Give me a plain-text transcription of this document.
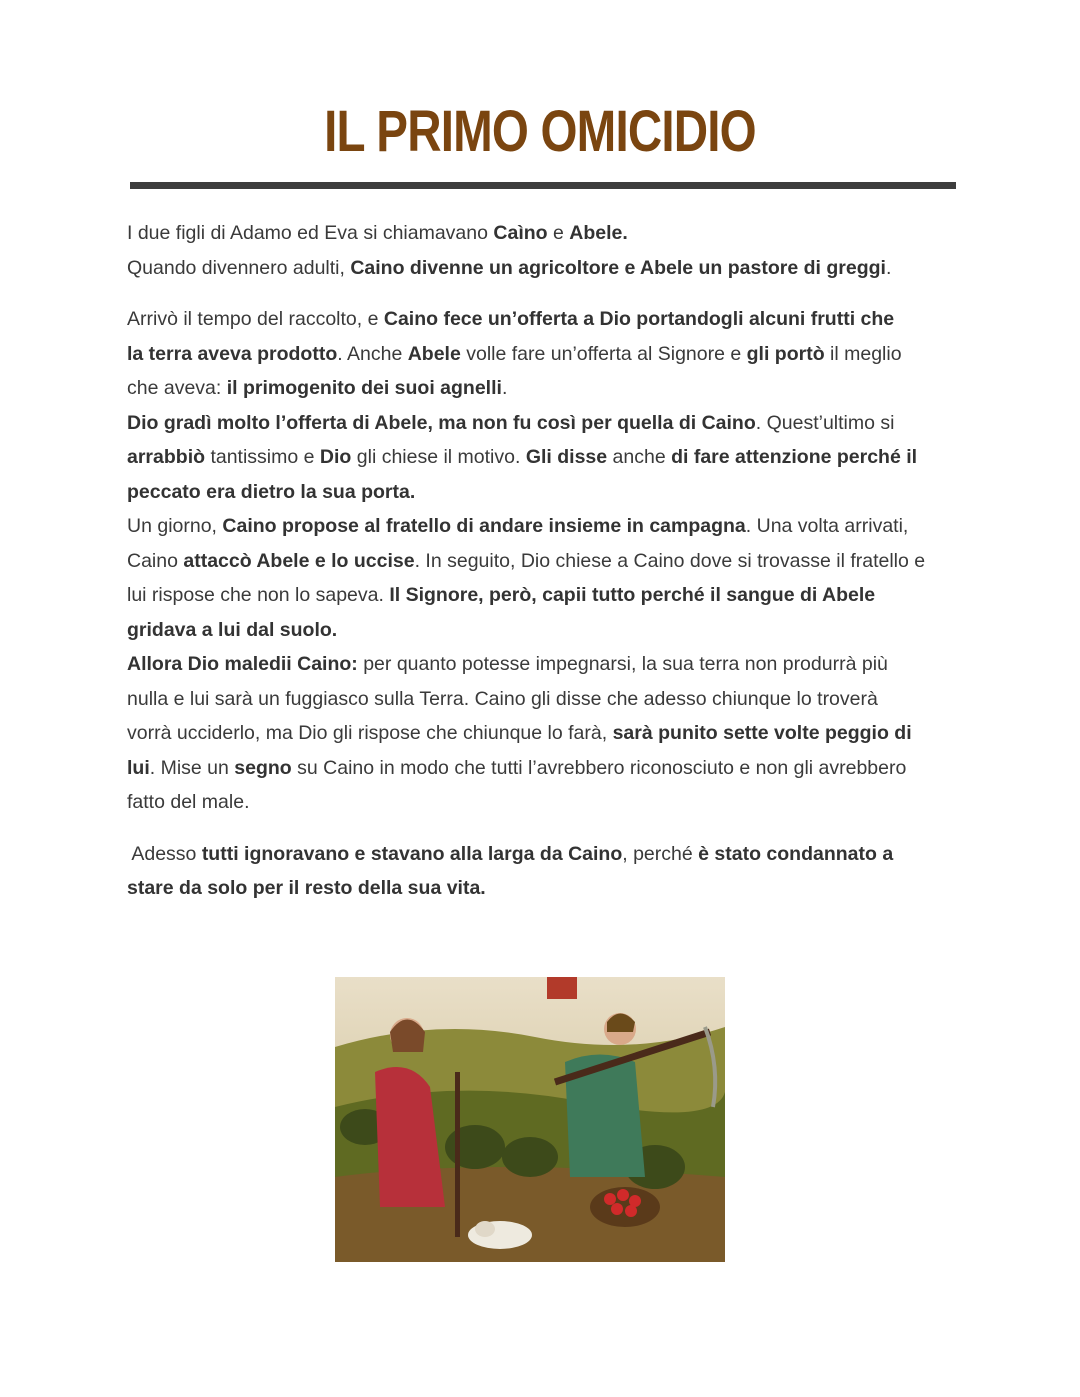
IL PRIMO OMICIDIO
I due figli di Adamo ed Eva si chiamavano Caìno e Abele.
Quando divennero adulti, Caino divenne un agricoltore e Abele un pastore di greggi.
Arrivò il tempo del raccolto, e Caino fece un’offerta a Dio portandogli alcuni frutti che
la terra aveva prodotto. Anche Abele volle fare un’offerta al Signore e gli portò il meglio
che aveva: il primogenito dei suoi agnelli.
Dio gradì molto l’offerta di Abele, ma non fu così per quella di Caino. Quest’ultimo si
arrabbiò tantissimo e Dio gli chiese il motivo. Gli disse anche di fare attenzione perché il
peccato era dietro la sua porta.
Un giorno, Caino propose al fratello di andare insieme in campagna. Una volta arrivati,
Caino attaccò Abele e lo uccise. In seguito, Dio chiese a Caino dove si trovasse il fratello e
lui rispose che non lo sapeva. Il Signore, però, capii tutto perché il sangue di Abele
gridava a lui dal suolo.
Allora Dio maledii Caino: per quanto potesse impegnarsi, la sua terra non produrrà più
nulla e lui sarà un fuggiasco sulla Terra. Caino gli disse che adesso chiunque lo troverà
vorrà ucciderlo, ma Dio gli rispose che chiunque lo farà, sarà punito sette volte peggio di
lui. Mise un segno su Caino in modo che tutti l’avrebbero riconosciuto e non gli avrebbero
fatto del male.
Adesso tutti ignoravano e stavano alla larga da Caino, perché è stato condannato a
stare da solo per il resto della sua vita.
